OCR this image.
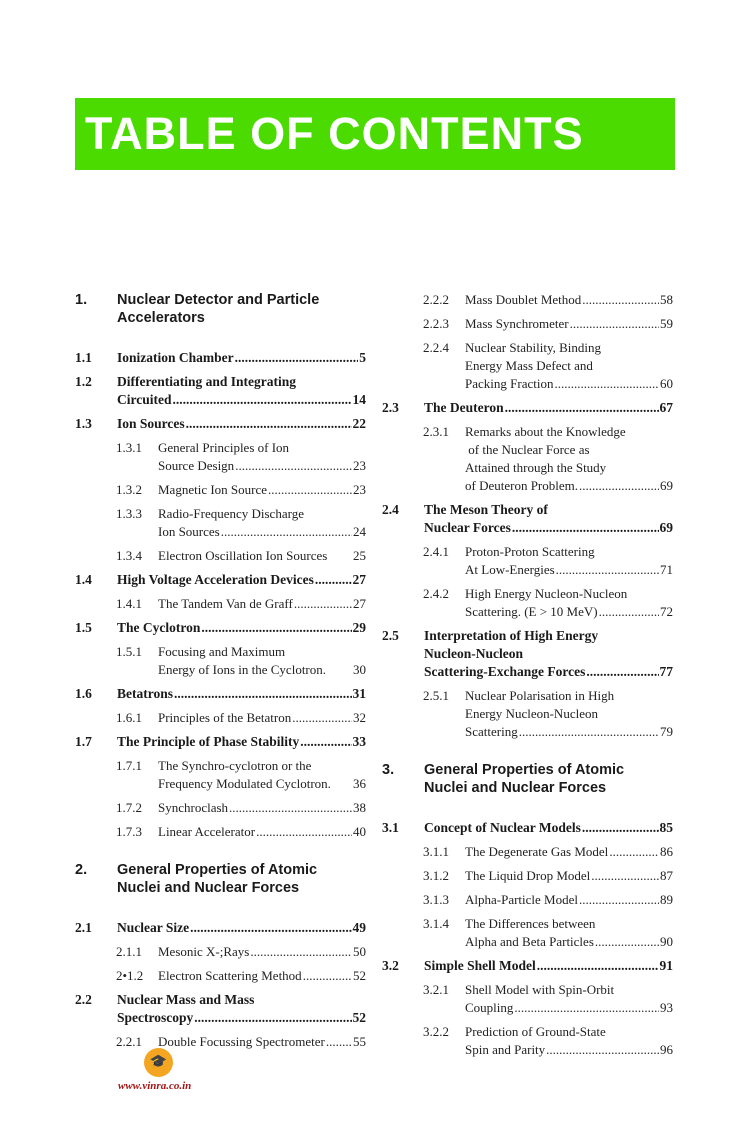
TABLE OF CONTENTS
1. Nuclear Detector and Particle
Accelerators
1.1 Ionization Chamber .....	5
1.2 Differentiating and Integrating
Circuited .....	14
1.3 Ion Sources .....	22
1.3.1 General Principles of Ion
Source Design .....	23
1.3.2 Magnetic Ion Source .....	23
1.3.3 Radio-Frequency Discharge
Ion Sources .....	24
1.3.4 Electron Oscillation Ion Sources 25
1.4 High Voltage Acceleration Devices .....	27
1.4.1 The Tandem Van de Graff .....	27
1.5 The Cyclotron .....	29
1.5.1 Focusing and Maximum
Energy of Ions in the Cyclotron. 30
1.6 Betatrons .....	31
1.6.1 Principles of the Betatron .....	32
1.7 The Principle of Phase Stability .....	33
1.7.1 The Synchro-cyclotron or the
Frequency Modulated Cyclotron. 36
1.7.2 Synchroclash .....	38
1.7.3 Linear Accelerator .....	40
2. General Properties of Atomic
Nuclei and Nuclear Forces
2.1 Nuclear Size .....	49
2.1.1 Mesonic X-;Rays .....	50
2•1.2 Electron Scattering Method .....	52
2.2 Nuclear Mass and Mass
Spectroscopy .....	52
2.2.1 Double Focussing Spectrometer ..... 55
2.2.2 Mass Doublet Method .....	58
2.2.3 Mass Synchrometer .....	59
2.2.4 Nuclear Stability, Binding
Energy Mass Defect and
Packing Fraction .....	60
2.3 The Deuteron .....	67
2.3.1 Remarks about the Knowledge
of the Nuclear Force as
Attained through the Study
of Deuteron Problem. .....	69
2.4 The Meson Theory of
Nuclear Forces .....	69
2.4.1 Proton-Proton Scattering
At Low-Energies .....	71
2.4.2 High Energy Nucleon-Nucleon
Scattering. (E > 10 MeV) .....	72
2.5 Interpretation of High Energy
Nucleon-Nucleon
Scattering-Exchange Forces .....	77
2.5.1 Nuclear Polarisation in High
Energy Nucleon-Nucleon
Scattering .....	79
3. General Properties of Atomic
Nuclei and Nuclear Forces
3.1 Concept of Nuclear Models .....	85
3.1.1 The Degenerate Gas Model .....	86
3.1.2 The Liquid Drop Model .....	87
3.1.3 Alpha-Particle Model .....	89
3.1.4 The Differences between
Alpha and Beta Particles .....	90
3.2 Simple Shell Model .....	91
3.2.1 Shell Model with Spin-Orbit
Coupling .....	93
3.2.2 Prediction of Ground-State
Spin and Parity .....	96
🎓
www.vinra.co.in
